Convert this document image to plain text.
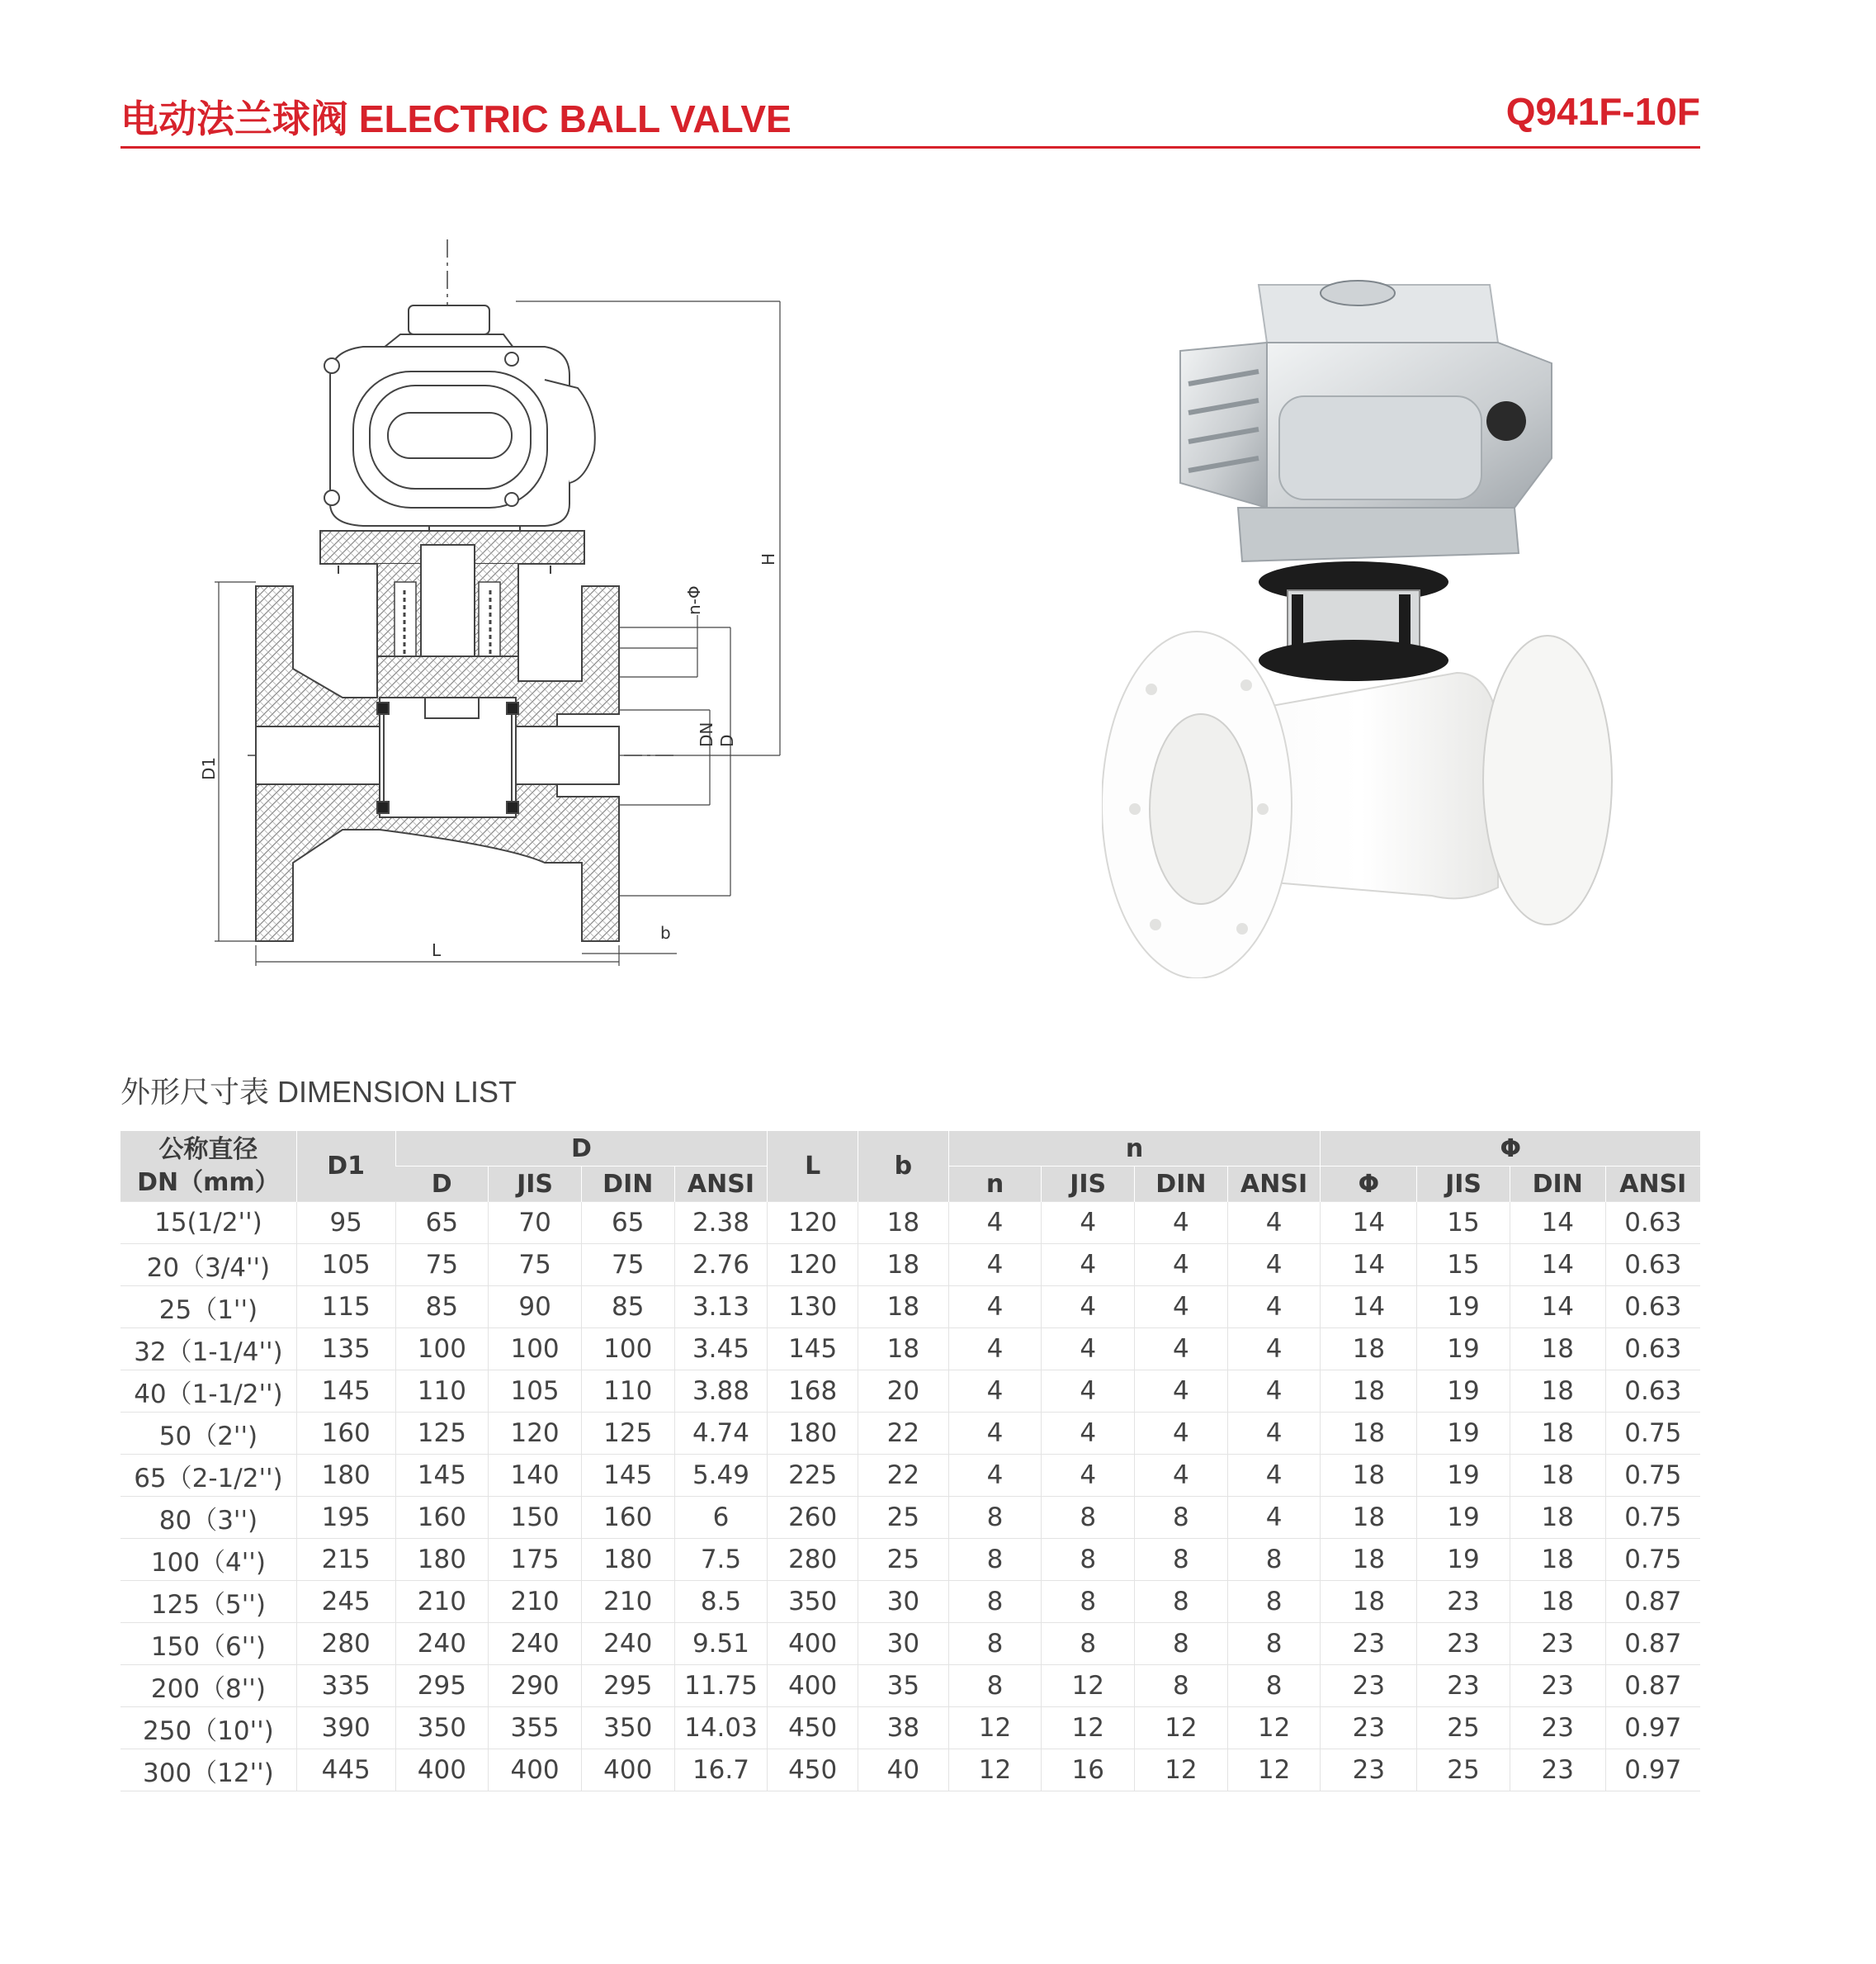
电动法兰球阀 ELECTRIC BALL VALVE	Q941F-10F
H
n-Φ
DN D
D1
L
b
外形尺寸表 DIMENSION LIST
公称直径
DN（mm）	D1	D				L	b	n				Φ			
		D	JIS	DIN	ANSI			n	JIS	DIN	ANSI	Φ	JIS	DIN	ANSI
15(1/2'')	95	65	70	65	2.38	120	18	4	4	4	4	14	15	14	0.63
20（3/4'')	105	75	75	75	2.76	120	18	4	4	4	4	14	15	14	0.63
25（1'')	115	85	90	85	3.13	130	18	4	4	4	4	14	19	14	0.63
32（1-1/4'')	135	100	100	100	3.45	145	18	4	4	4	4	18	19	18	0.63
40（1-1/2'')	145	110	105	110	3.88	168	20	4	4	4	4	18	19	18	0.63
50（2'')	160	125	120	125	4.74	180	22	4	4	4	4	18	19	18	0.75
65（2-1/2'')	180	145	140	145	5.49	225	22	4	4	4	4	18	19	18	0.75
80（3'')	195	160	150	160	6	260	25	8	8	8	4	18	19	18	0.75
100（4'')	215	180	175	180	7.5	280	25	8	8	8	8	18	19	18	0.75
125（5'')	245	210	210	210	8.5	350	30	8	8	8	8	18	23	18	0.87
150（6'')	280	240	240	240	9.51	400	30	8	8	8	8	23	23	23	0.87
200（8'')	335	295	290	295	11.75	400	35	8	12	8	8	23	23	23	0.87
250（10'')	390	350	355	350	14.03	450	38	12	12	12	12	23	25	23	0.97
300（12'')	445	400	400	400	16.7	450	40	12	16	12	12	23	25	23	0.97
